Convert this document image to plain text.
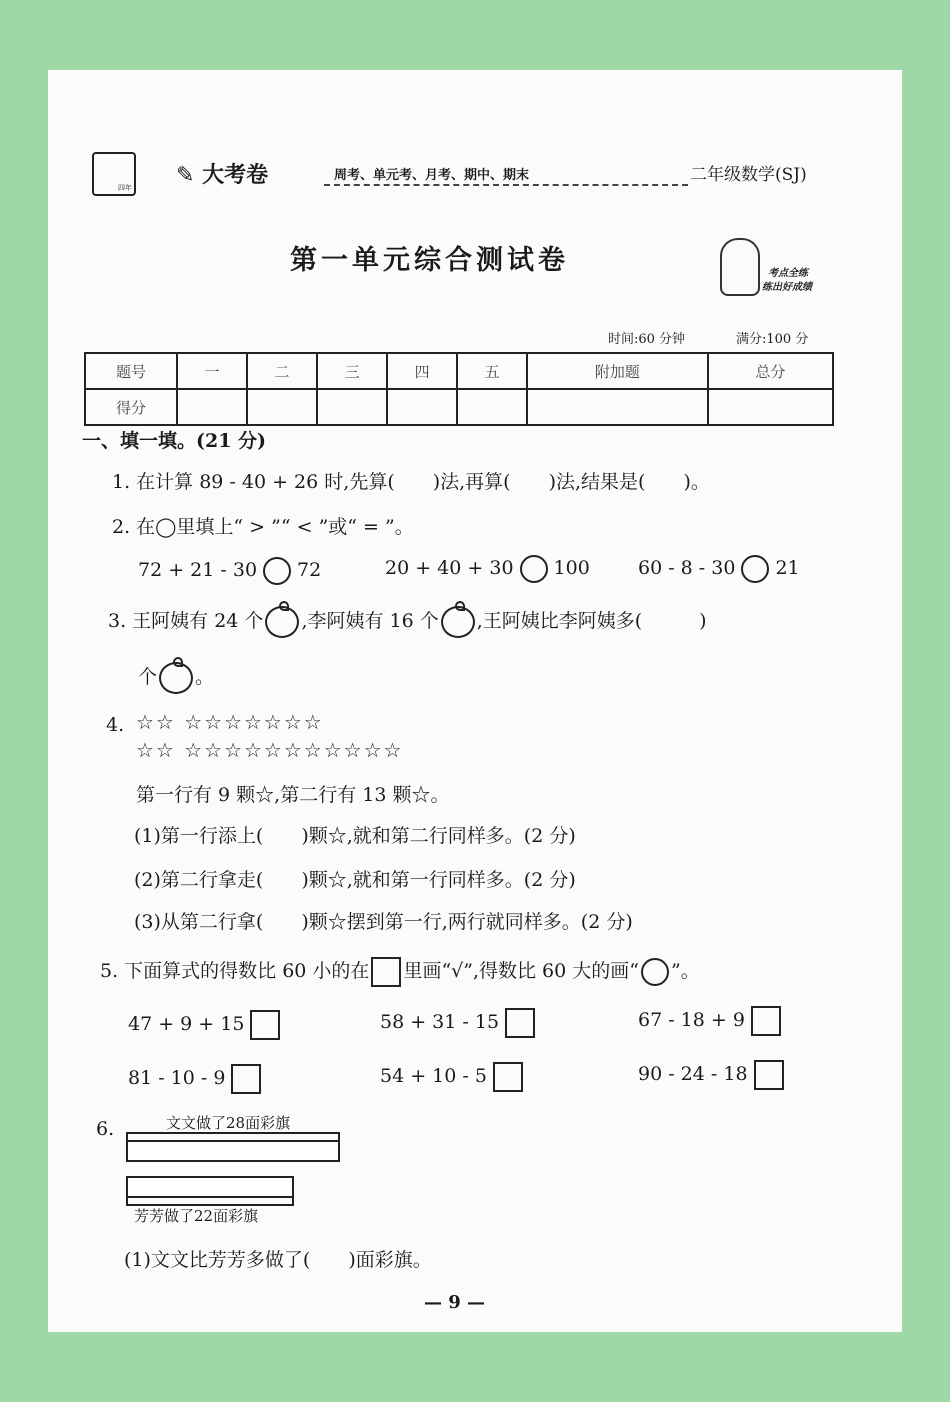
四年 ✎ 大考卷	周考、单元考、月考、期中、期末	二年级数学(SJ)
第一单元综合测试卷	考点全练
练出好成绩
时间:60 分钟	满分:100 分
题号	一	二	三	四	五	附加题	总分
得分							
一、填一填。(21 分)
1. 在计算 89 - 40 + 26 时,先算(　　)法,再算(　　)法,结果是(　　)。
2. 在◯里填上“ > ”“ < ”或“ = ”。
72 + 21 - 30 72	20 + 40 + 30 100	60 - 8 - 30 21
3. 王阿姨有 24 个 ,李阿姨有 16 个 ,王阿姨比李阿姨多(　　　)
个 。
4. ☆☆ ☆☆☆☆☆☆☆
☆☆ ☆☆☆☆☆☆☆☆☆☆☆
第一行有 9 颗☆,第二行有 13 颗☆。
(1)第一行添上(　　)颗☆,就和第二行同样多。(2 分)
(2)第二行拿走(　　)颗☆,就和第一行同样多。(2 分)
(3)从第二行拿(　　)颗☆摆到第一行,两行就同样多。(2 分)
5. 下面算式的得数比 60 小的在 里画“√”,得数比 60 大的画“ ”。
47 + 9 + 15	58 + 31 - 15	67 - 18 + 9
81 - 10 - 9	54 + 10 - 5	90 - 24 - 18
6.	文文做了28面彩旗
芳芳做了22面彩旗
(1)文文比芳芳多做了(　　)面彩旗。
— 9 —
